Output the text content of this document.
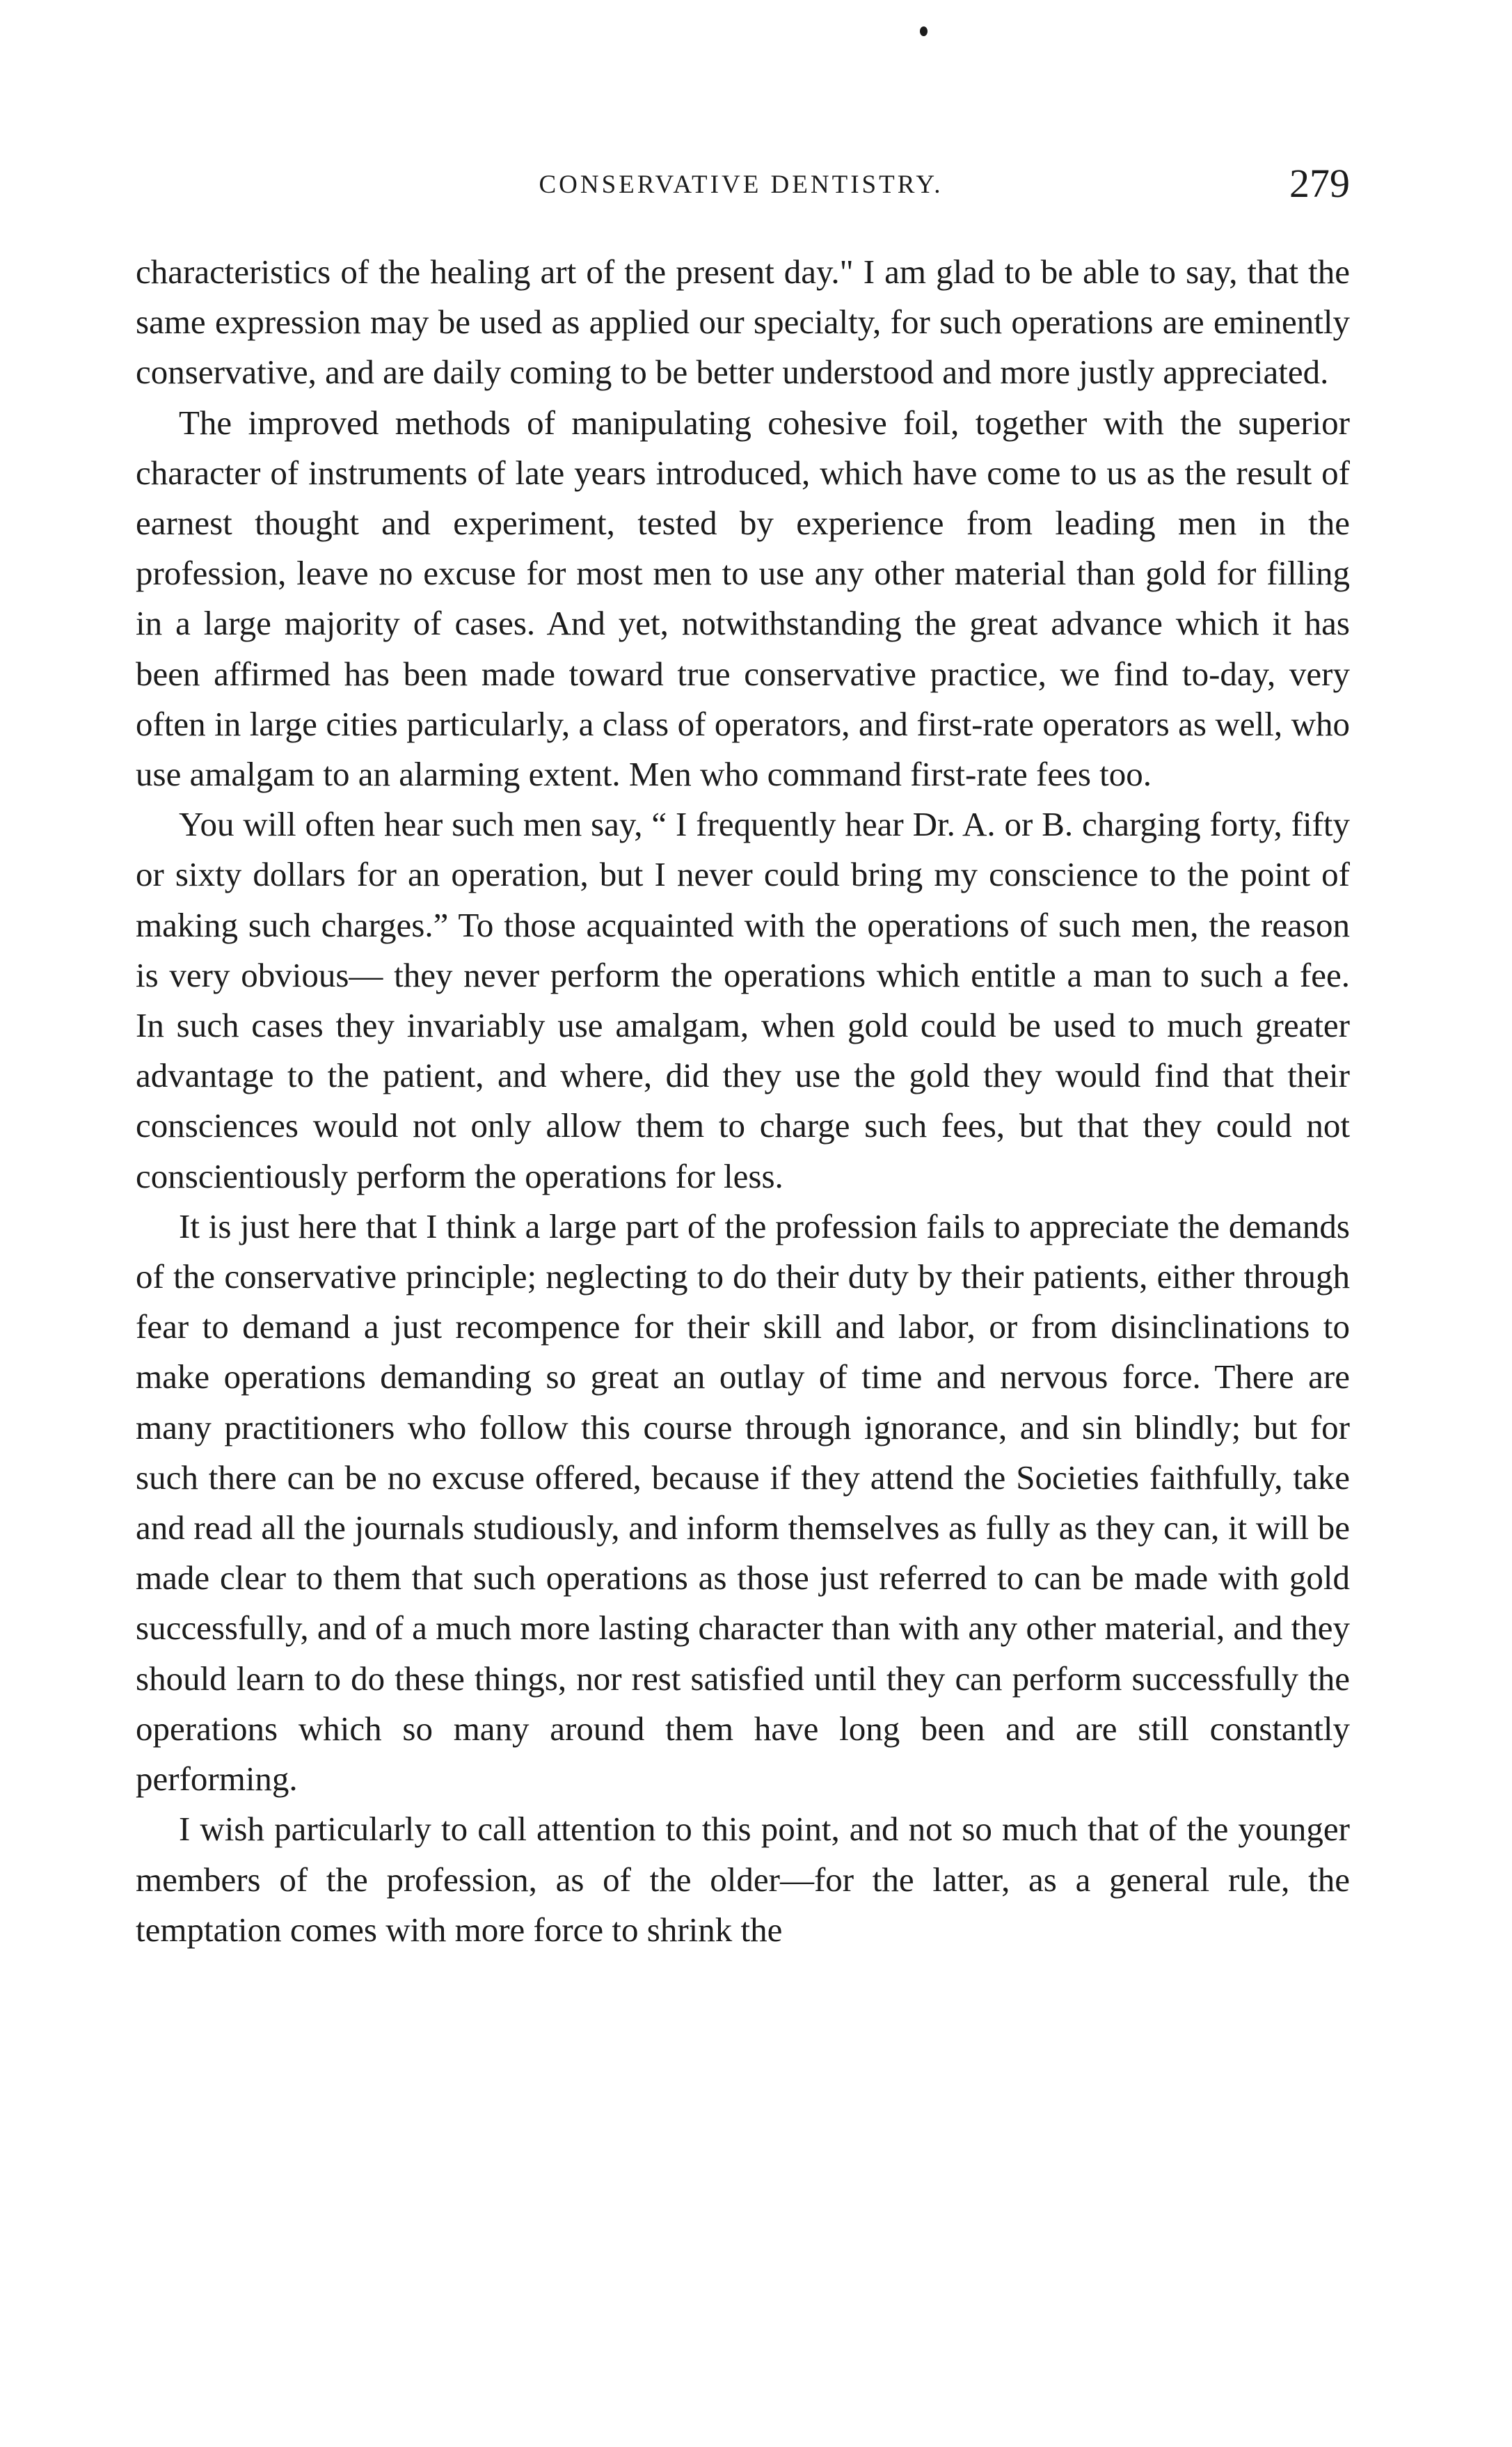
CONSERVATIVE DENTISTRY.	279

characteristics of the healing art of the present day." I am glad to be able to say, that the same expression may be used as applied our specialty, for such operations are eminently conservative, and are daily coming to be better understood and more justly appreciated.

The improved methods of manipulating cohesive foil, together with the superior character of instruments of late years introduced, which have come to us as the result of earnest thought and experiment, tested by experience from leading men in the profession, leave no excuse for most men to use any other material than gold for filling in a large majority of cases. And yet, notwithstanding the great advance which it has been affirmed has been made toward true conservative practice, we find to-day, very often in large cities particularly, a class of operators, and first-rate operators as well, who use amalgam to an alarming extent. Men who command first-rate fees too.

You will often hear such men say, “ I frequently hear Dr. A. or B. charging forty, fifty or sixty dollars for an operation, but I never could bring my conscience to the point of making such charges.” To those acquainted with the operations of such men, the reason is very obvious— they never perform the operations which entitle a man to such a fee. In such cases they invariably use amalgam, when gold could be used to much greater advantage to the patient, and where, did they use the gold they would find that their consciences would not only allow them to charge such fees, but that they could not conscientiously perform the operations for less.

It is just here that I think a large part of the profession fails to appreciate the demands of the conservative principle; neglecting to do their duty by their patients, either through fear to demand a just recompence for their skill and labor, or from disinclinations to make operations demanding so great an outlay of time and nervous force. There are many practitioners who follow this course through ignorance, and sin blindly; but for such there can be no excuse offered, because if they attend the Societies faithfully, take and read all the journals studiously, and inform themselves as fully as they can, it will be made clear to them that such operations as those just referred to can be made with gold successfully, and of a much more lasting character than with any other material, and they should learn to do these things, nor rest satisfied until they can perform successfully the operations which so many around them have long been and are still constantly performing.

I wish particularly to call attention to this point, and not so much that of the younger members of the profession, as of the older—for the latter, as a general rule, the temptation comes with more force to shrink the
